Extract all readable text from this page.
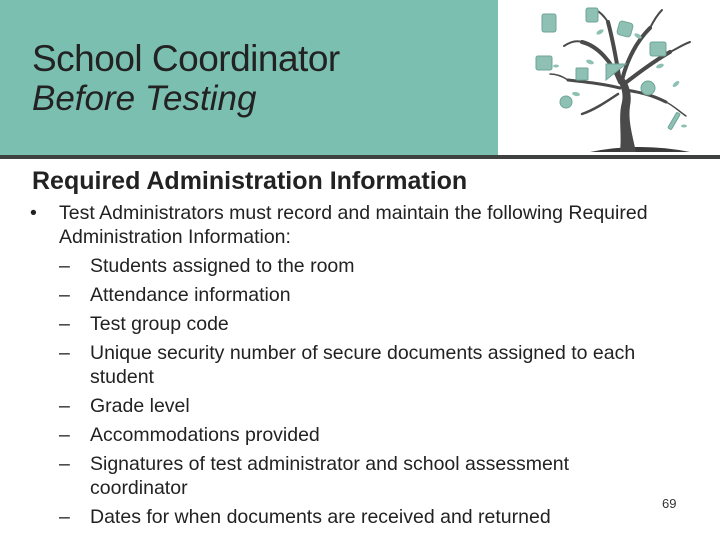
School Coordinator
Before Testing
Required Administration Information
•	Test Administrators must record and maintain the following Required Administration Information:
–	Students assigned to the room
–	Attendance information
–	Test group code
–	Unique security number of secure documents assigned to each student
–	Grade level
–	Accommodations provided
–	Signatures of test administrator and school assessment coordinator
–	Dates for when documents are received and returned
69
